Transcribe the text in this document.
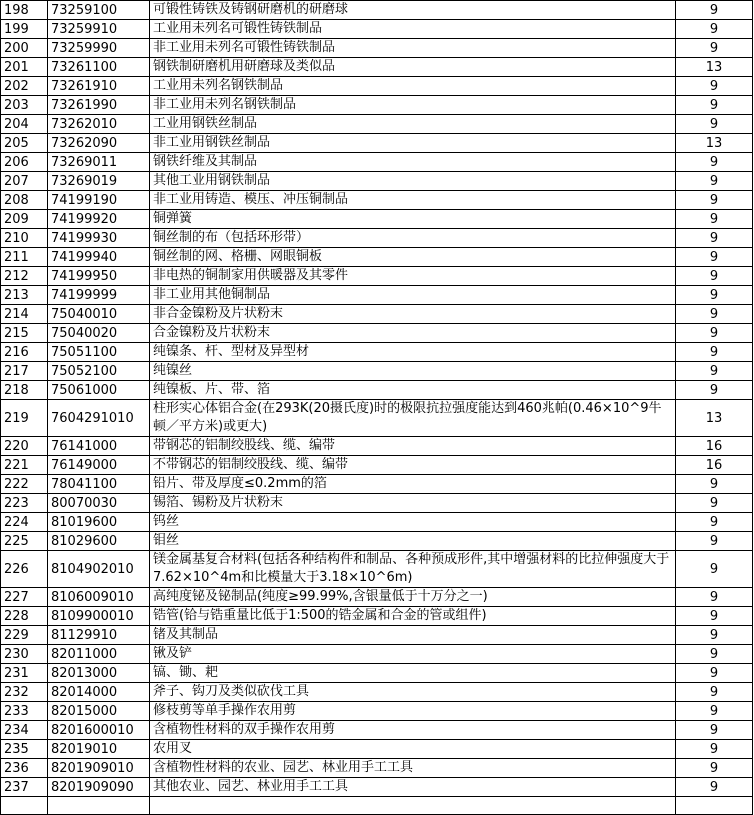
198	73259100	可锻性铸铁及铸钢研磨机的研磨球	9
199	73259910	工业用未列名可锻性铸铁制品	9
200	73259990	非工业用未列名可锻性铸铁制品	9
201	73261100	钢铁制研磨机用研磨球及类似品	13
202	73261910	工业用未列名钢铁制品	9
203	73261990	非工业用未列名钢铁制品	9
204	73262010	工业用钢铁丝制品	9
205	73262090	非工业用钢铁丝制品	13
206	73269011	钢铁纤维及其制品	9
207	73269019	其他工业用钢铁制品	9
208	74199190	非工业用铸造、模压、冲压铜制品	9
209	74199920	铜弹簧	9
210	74199930	铜丝制的布（包括环形带）	9
211	74199940	铜丝制的网、格栅、网眼铜板	9
212	74199950	非电热的铜制家用供暖器及其零件	9
213	74199999	非工业用其他铜制品	9
214	75040010	非合金镍粉及片状粉末	9
215	75040020	合金镍粉及片状粉末	9
216	75051100	纯镍条、杆、型材及异型材	9
217	75052100	纯镍丝	9
218	75061000	纯镍板、片、带、箔	9
219	7604291010	柱形实心体铝合金(在293K(20摄氏度)时的极限抗拉强度能达到460兆帕(0.46×10^9牛顿／平方米)或更大)	13
220	76141000	带钢芯的铝制绞股线、缆、编带	16
221	76149000	不带钢芯的铝制绞股线、缆、编带	16
222	78041100	铅片、带及厚度≤0.2mm的箔	9
223	80070030	锡箔、锡粉及片状粉末	9
224	81019600	钨丝	9
225	81029600	钼丝	9
226	8104902010	镁金属基复合材料(包括各种结构件和制品、各种预成形件,其中增强材料的比拉伸强度大于7.62×10^4m和比模量大于3.18×10^6m)	9
227	8106009010	高纯度铋及铋制品(纯度≥99.99%,含银量低于十万分之一)	9
228	8109900010	锆管(铪与锆重量比低于1:500的锆金属和合金的管或组件)	9
229	81129910	锗及其制品	9
230	82011000	锹及铲	9
231	82013000	镐、锄、耙	9
232	82014000	斧子、钩刀及类似砍伐工具	9
233	82015000	修枝剪等单手操作农用剪	9
234	8201600010	含植物性材料的双手操作农用剪	9
235	82019010	农用叉	9
236	8201909010	含植物性材料的农业、园艺、林业用手工工具	9
237	8201909090	其他农业、园艺、林业用手工工具	9
